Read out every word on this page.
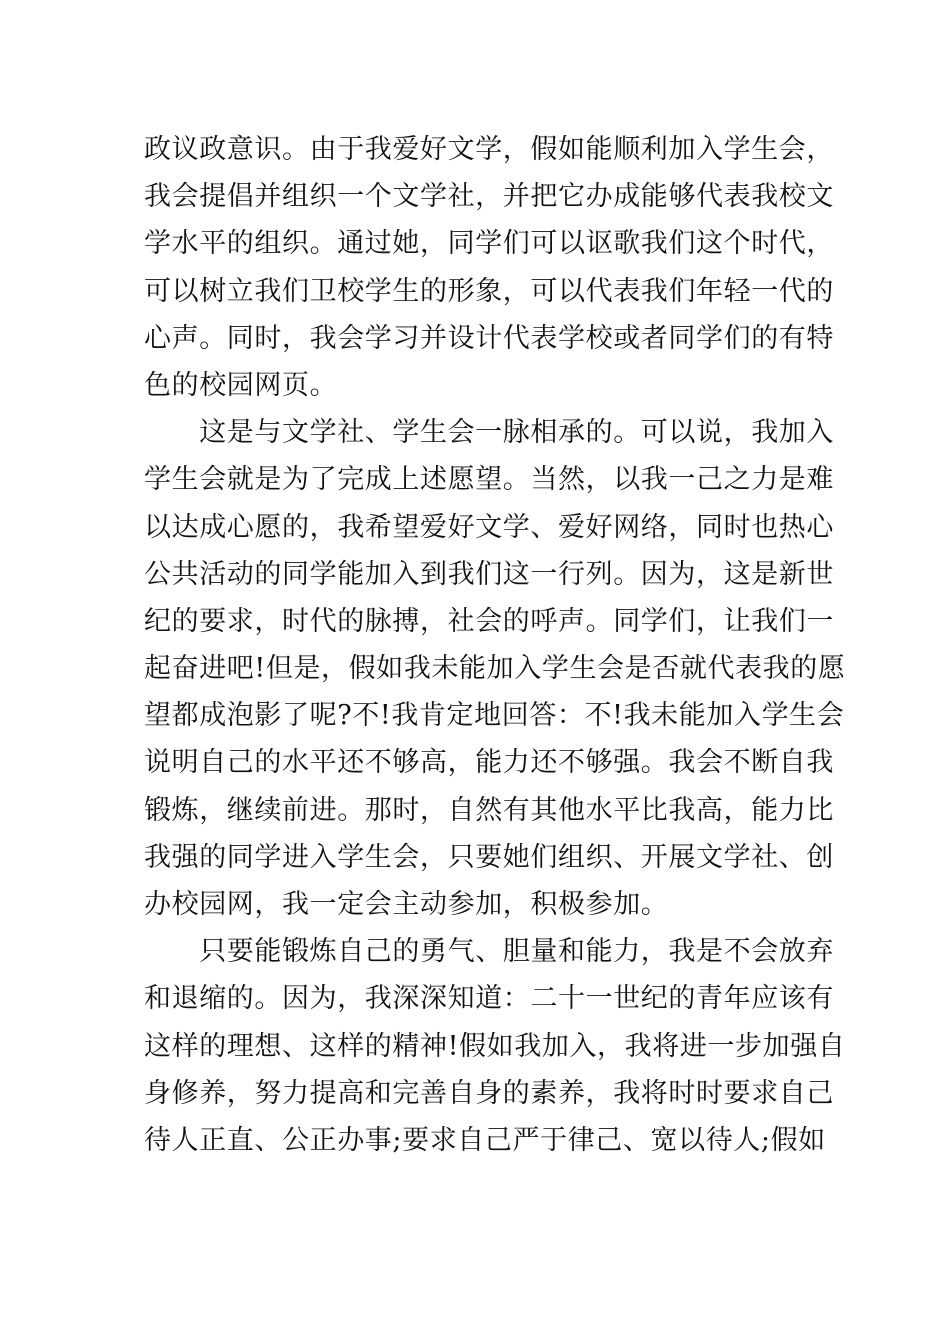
政议政意识。由于我爱好文学，假如能顺利加入学生会，
我会提倡并组织一个文学社，并把它办成能够代表我校文
学水平的组织。通过她，同学们可以讴歌我们这个时代，
可以树立我们卫校学生的形象，可以代表我们年轻一代的
心声。同时，我会学习并设计代表学校或者同学们的有特
色的校园网页。
　　这是与文学社、学生会一脉相承的。可以说，我加入
学生会就是为了完成上述愿望。当然，以我一己之力是难
以达成心愿的，我希望爱好文学、爱好网络，同时也热心
公共活动的同学能加入到我们这一行列。因为，这是新世
纪的要求，时代的脉搏，社会的呼声。同学们，让我们一
起奋进吧!但是，假如我未能加入学生会是否就代表我的愿
望都成泡影了呢?不!我肯定地回答：不!我未能加入学生会
说明自己的水平还不够高，能力还不够强。我会不断自我
锻炼，继续前进。那时，自然有其他水平比我高，能力比
我强的同学进入学生会，只要她们组织、开展文学社、创
办校园网，我一定会主动参加，积极参加。
　　只要能锻炼自己的勇气、胆量和能力，我是不会放弃
和退缩的。因为，我深深知道：二十一世纪的青年应该有
这样的理想、这样的精神!假如我加入，我将进一步加强自
身修养，努力提高和完善自身的素养，我将时时要求自己
待人正直、公正办事;要求自己严于律己、宽以待人;假如
